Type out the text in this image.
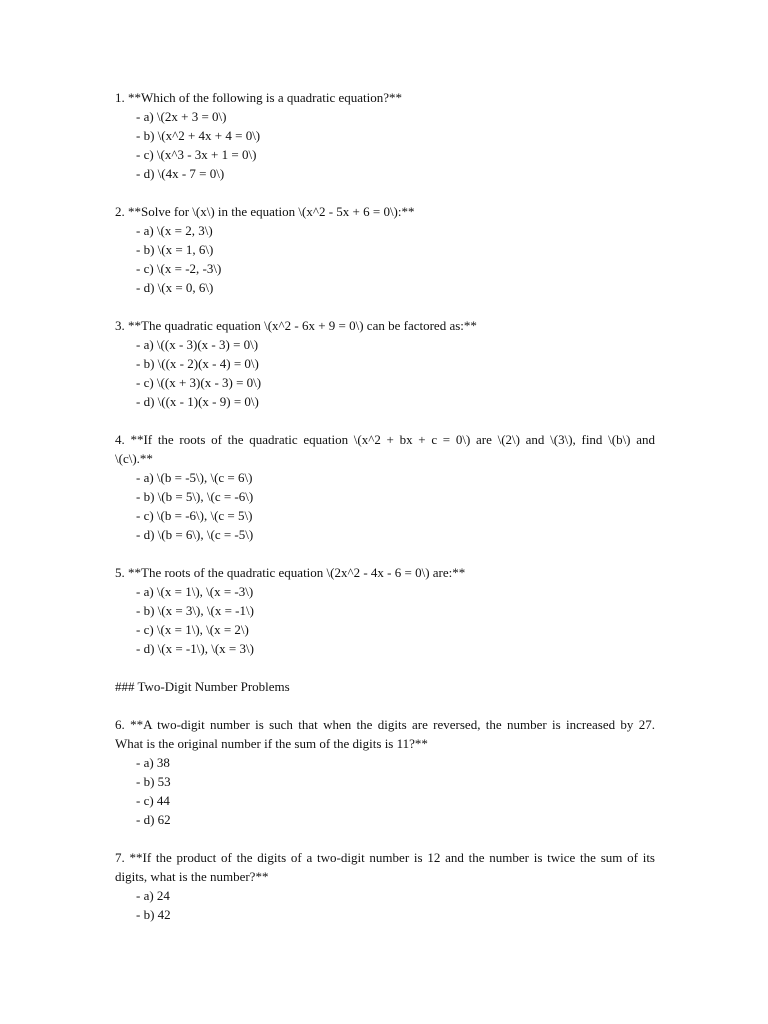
1. **Which of the following is a quadratic equation?**
- a) \(2x + 3 = 0\)
- b) \(x^2 + 4x + 4 = 0\)
- c) \(x^3 - 3x + 1 = 0\)
- d) \(4x - 7 = 0\)
2. **Solve for \(x\) in the equation \(x^2 - 5x + 6 = 0\):**
- a) \(x = 2, 3\)
- b) \(x = 1, 6\)
- c) \(x = -2, -3\)
- d) \(x = 0, 6\)
3. **The quadratic equation \(x^2 - 6x + 9 = 0\) can be factored as:**
- a) \((x - 3)(x - 3) = 0\)
- b) \((x - 2)(x - 4) = 0\)
- c) \((x + 3)(x - 3) = 0\)
- d) \((x - 1)(x - 9) = 0\)
4. **If the roots of the quadratic equation \(x^2 + bx + c = 0\) are \(2\) and \(3\), find \(b\) and
\(c\).**
- a) \(b = -5\), \(c = 6\)
- b) \(b = 5\), \(c = -6\)
- c) \(b = -6\), \(c = 5\)
- d) \(b = 6\), \(c = -5\)
5. **The roots of the quadratic equation \(2x^2 - 4x - 6 = 0\) are:**
- a) \(x = 1\), \(x = -3\)
- b) \(x = 3\), \(x = -1\)
- c) \(x = 1\), \(x = 2\)
- d) \(x = -1\), \(x = 3\)
### Two-Digit Number Problems
6. **A two-digit number is such that when the digits are reversed, the number is increased by 27.
What is the original number if the sum of the digits is 11?**
- a) 38
- b) 53
- c) 44
- d) 62
7. **If the product of the digits of a two-digit number is 12 and the number is twice the sum of its
digits, what is the number?**
- a) 24
- b) 42
